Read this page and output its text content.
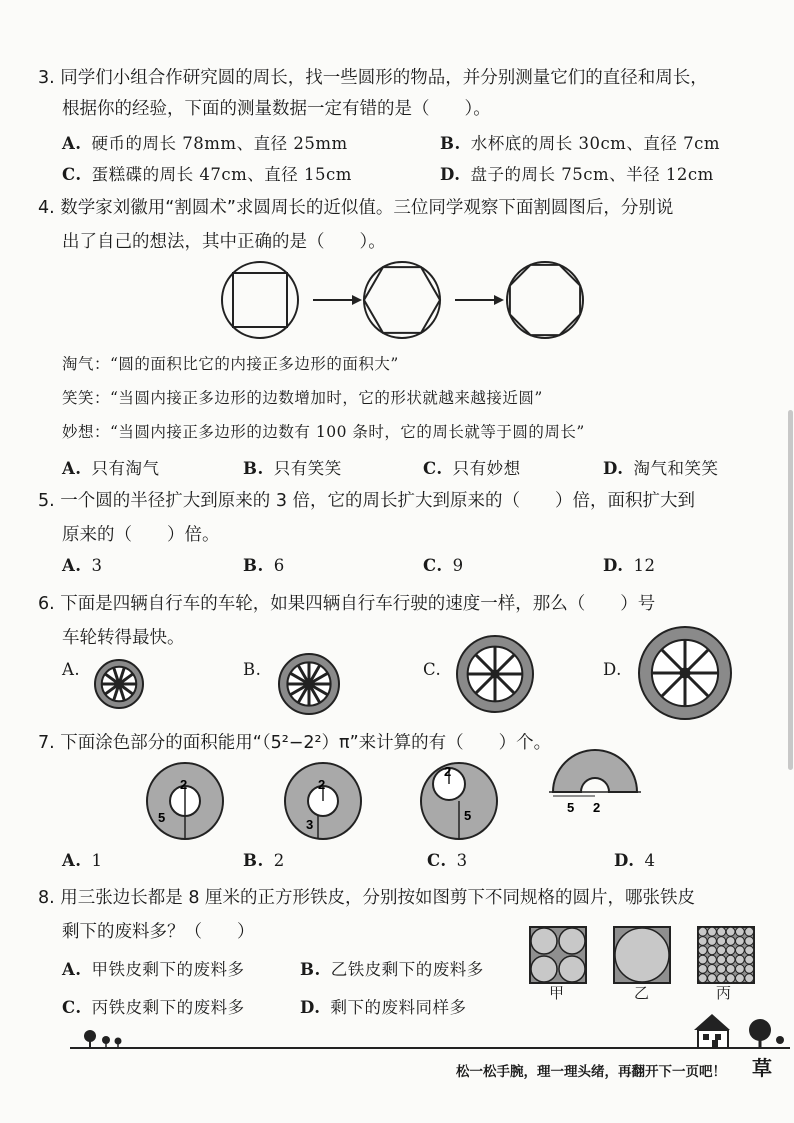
3. 同学们小组合作研究圆的周长，找一些圆形的物品，并分别测量它们的直径和周长，
根据你的经验，下面的测量数据一定有错的是（　　）。
A. 硬币的周长 78mm、直径 25mm	B. 水杯底的周长 30cm、直径 7cm
C. 蛋糕碟的周长 47cm、直径 15cm	D. 盘子的周长 75cm、半径 12cm
4. 数学家刘徽用“割圆术”求圆周长的近似值。三位同学观察下面割圆图后，分别说
出了自己的想法，其中正确的是（　　）。
淘气：“圆的面积比它的内接正多边形的面积大”
笑笑：“当圆内接正多边形的边数增加时，它的形状就越来越接近圆”
妙想：“当圆内接正多边形的边数有 100 条时，它的周长就等于圆的周长”
A. 只有淘气	B. 只有笑笑	C. 只有妙想	D. 淘气和笑笑
5. 一个圆的半径扩大到原来的 3 倍，它的周长扩大到原来的（　　）倍，面积扩大到
原来的（　　）倍。
A. 3	B. 6	C. 9	D. 12
6. 下面是四辆自行车的车轮，如果四辆自行车行驶的速度一样，那么（　　）号
车轮转得最快。
A.	B.	C.	D.
7. 下面涂色部分的面积能用“（5²−2²）π”来计算的有（　　）个。
2
5
2
3
2
5
5 2
A. 1	B. 2	C. 3	D. 4
8. 用三张边长都是 8 厘米的正方形铁皮，分别按如图剪下不同规格的圆片，哪张铁皮
剩下的废料多？（　　）
A. 甲铁皮剩下的废料多	B. 乙铁皮剩下的废料多
C. 丙铁皮剩下的废料多	D. 剩下的废料同样多
甲	乙	丙
松一松手腕，理一理头绪，再翻开下一页吧！ 草
